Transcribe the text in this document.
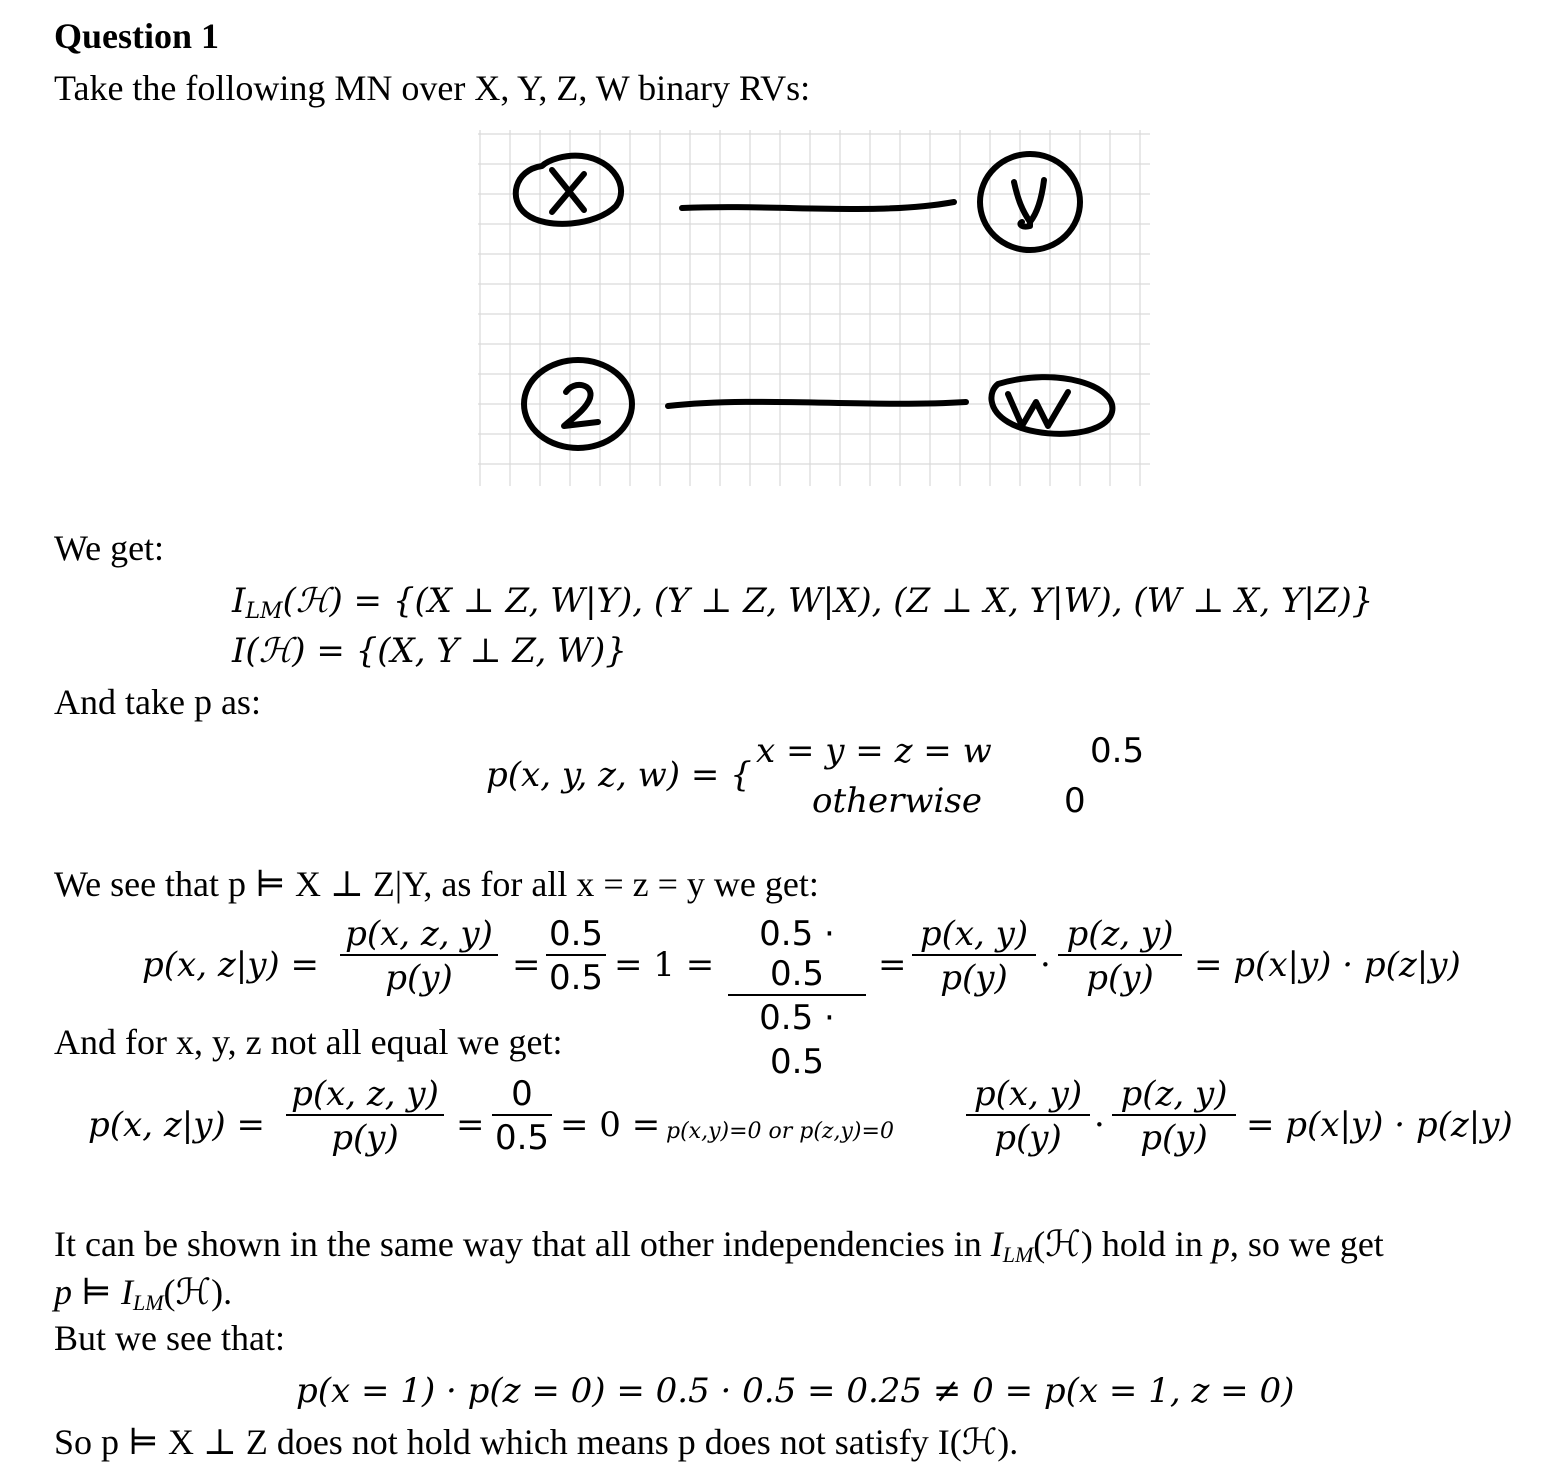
Question 1
Take the following MN over X, Y, Z, W binary RVs:
We get:
$I_{LM}(ℋ) = \{(X$ ⊥ Z, W|Y), (Y ⊥ Z, W|X), (Z ⊥ X, Y|W), (W ⊥ X, Y|Z)}
I(ℋ) = {(X, Y ⊥ Z, W)}
And take p as:
p(x, y, z, w) = {
x = y = z = w	0.5
otherwise 0
We see that p ⊨ X ⊥ Z|Y, as for all x = z = y we get:
p(x, z|y) =
p(x, z, y)
p(y)	=
0.5
0.5 = 1 =
0.5 · 0.5
0.5 · 0.5
=
p(x, y)
p(y) ·
p(z, y)
p(y)	= p(x|y) · p(z|y)
And for x, y, z not all equal we get:
p(x, z|y) =
p(x, z, y)
p(y)	=
0
0.5 = 0 = p(x,y)=0 or p(z,y)=0
p(x, y)
p(y) ·
p(z, y)
p(y)	= p(x|y) · p(z|y)
It can be shown in the same way that all other independencies in $I_{LM}(ℋ)$ hold in p, so we get
p ⊨ $I_{LM}(ℋ)$.
But we see that:
p(x = 1) · p(z = 0) = 0.5 · 0.5 = 0.25 ≠ 0 = p(x = 1, z = 0)
So p ⊨ X ⊥ Z does not hold which means p does not satisfy I(ℋ).
